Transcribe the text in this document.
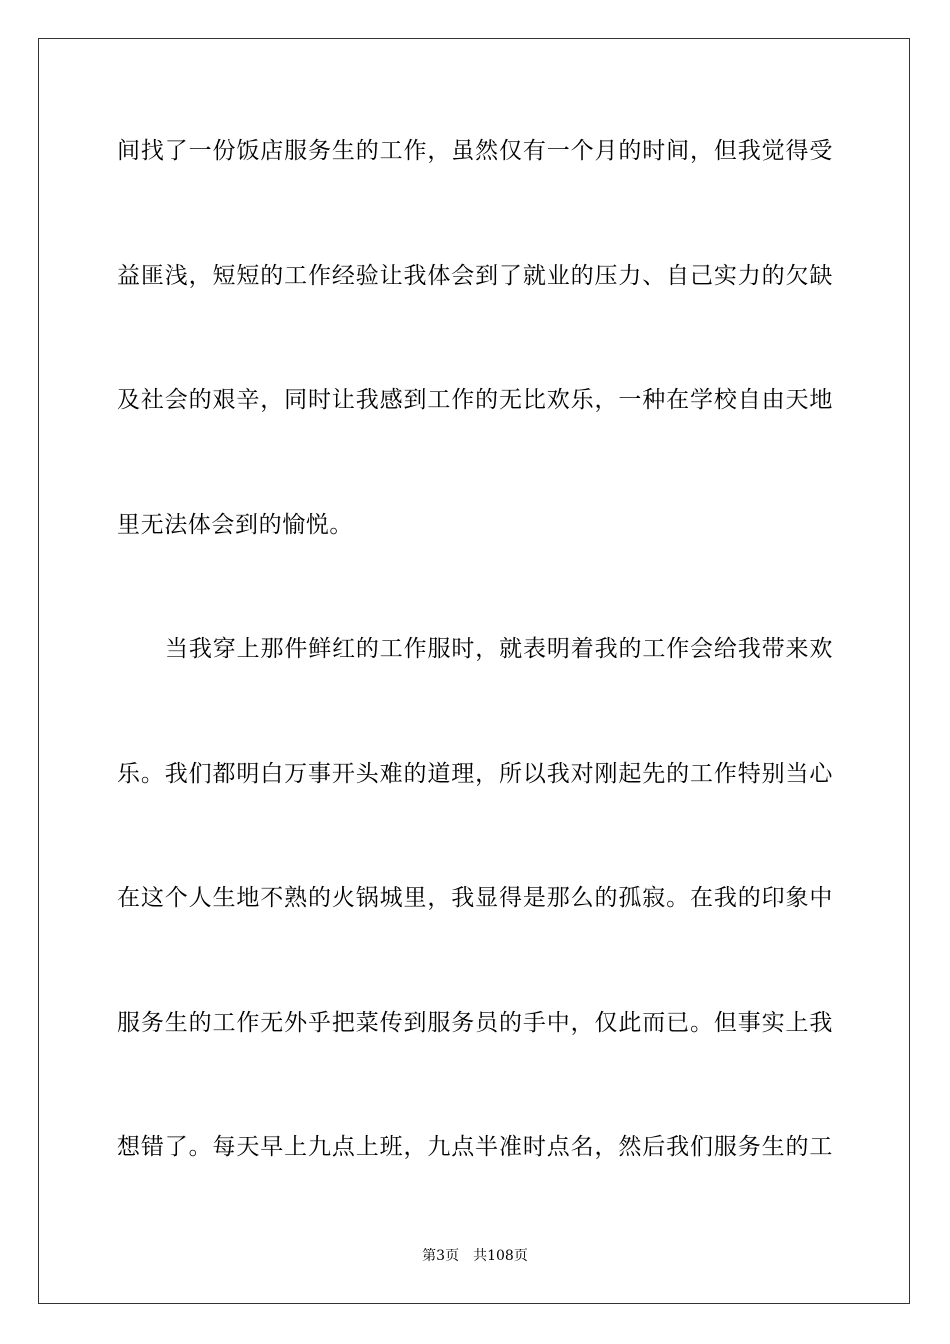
间找了一份饭店服务生的工作，虽然仅有一个月的时间，但我觉得受
益匪浅，短短的工作经验让我体会到了就业的压力、自己实力的欠缺
及社会的艰辛，同时让我感到工作的无比欢乐，一种在学校自由天地
里无法体会到的愉悦。
当我穿上那件鲜红的工作服时，就表明着我的工作会给我带来欢
乐。我们都明白万事开头难的道理，所以我对刚起先的工作特别当心
在这个人生地不熟的火锅城里，我显得是那么的孤寂。在我的印象中
服务生的工作无外乎把菜传到服务员的手中，仅此而已。但事实上我
想错了。每天早上九点上班，九点半准时点名，然后我们服务生的工
第3页 共108页
